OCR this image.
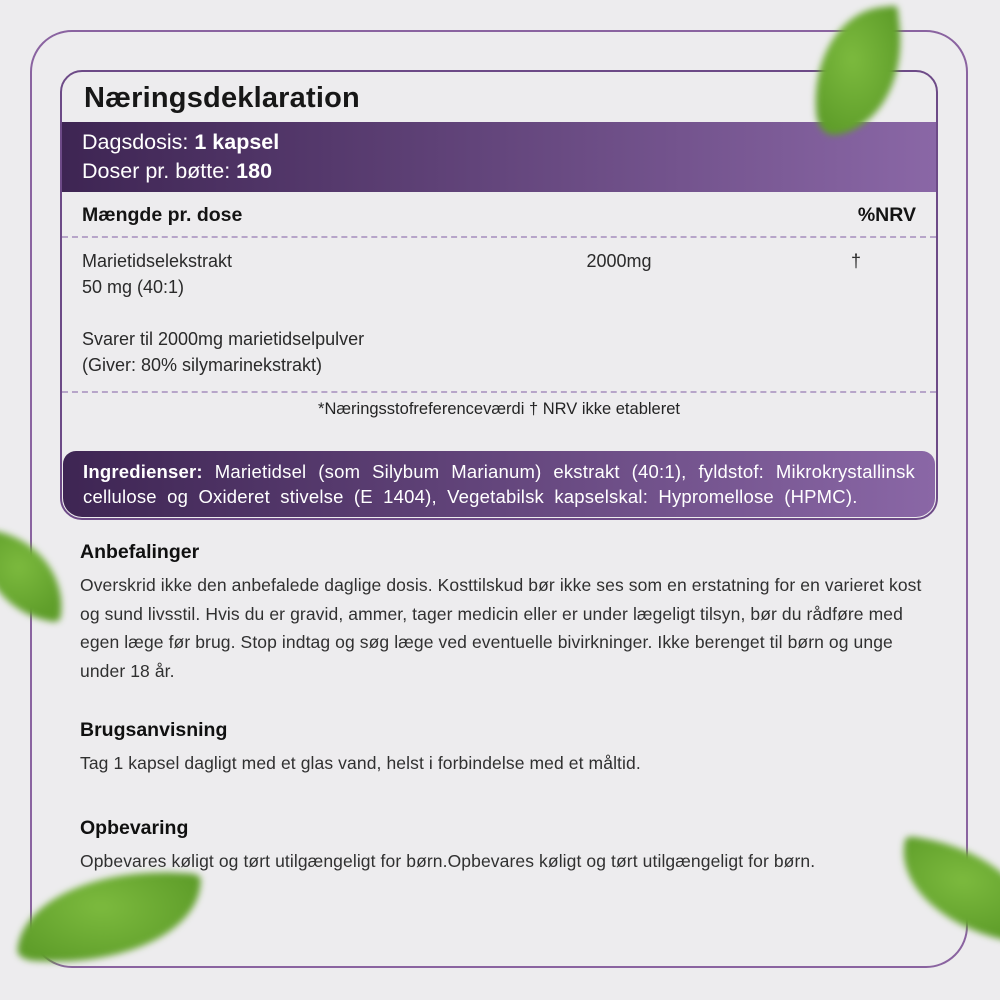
Næringsdeklaration
Dagsdosis: 1 kapsel
Doser pr. bøtte: 180
Mængde pr. dose	%NRV
Marietidselekstrakt
50 mg (40:1)
2000mg	†
Svarer til 2000mg marietidselpulver
(Giver: 80% silymarinekstrakt)
*Næringsstofreferenceværdi † NRV ikke etableret
Ingredienser: Marietidsel (som Silybum Marianum) ekstrakt (40:1), fyldstof: Mikrokrystallinsk cellulose og Oxideret stivelse (E 1404), Vegetabilsk kapselskal: Hypromellose (HPMC).

Anbefalinger

Overskrid ikke den anbefalede daglige dosis. Kosttilskud bør ikke ses som en erstatning for en varieret kost og sund livsstil. Hvis du er gravid, ammer, tager medicin eller er under lægeligt tilsyn, bør du rådføre med egen læge før brug. Stop indtag og søg læge ved eventuelle bivirkninger. Ikke berenget til børn og unge under 18 år.

Brugsanvisning

Tag 1 kapsel dagligt med et glas vand, helst i forbindelse med et måltid.

Opbevaring

Opbevares køligt og tørt utilgængeligt for børn.Opbevares køligt og tørt utilgængeligt for børn.
